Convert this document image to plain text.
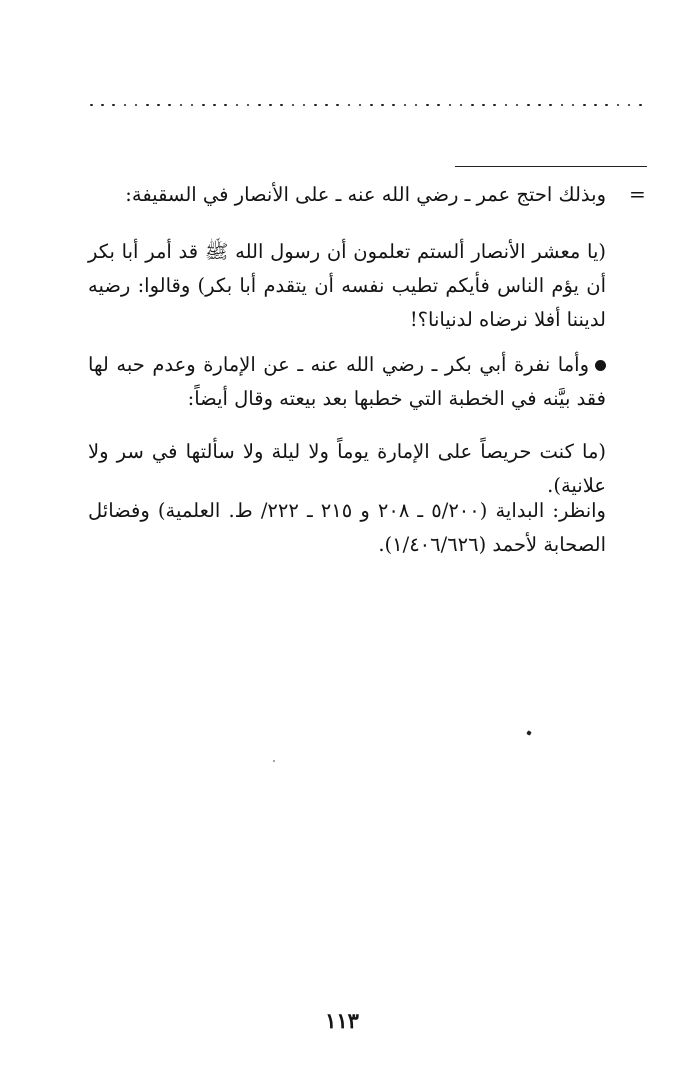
=

وبذلك احتج عمر ـ رضي الله عنه ـ على الأنصار في السقيفة:

(يا معشر الأنصار ألستم تعلمون أن رسول الله ﷺ قد أمر أبا بكر أن يؤم الناس فأيكم تطيب نفسه أن يتقدم أبا بكر) وقالوا: رضيه لديننا أفلا نرضاه لدنيانا؟!

وأما نفرة أبي بكر ـ رضي الله عنه ـ عن الإمارة وعدم حبه لها فقد بيَّنه في الخطبة التي خطبها بعد بيعته وقال أيضاً:

(ما كنت حريصاً على الإمارة يوماً ولا ليلة ولا سألتها في سر ولا علانية).

وانظر: البداية (٥/٢٠٠ ـ ٢٠٨ و ٢١٥ ـ ٢٢٢/ ط. العلمية) وفضائل الصحابة لأحمد (١/٤٠٦/٦٢٦).

١١٣
